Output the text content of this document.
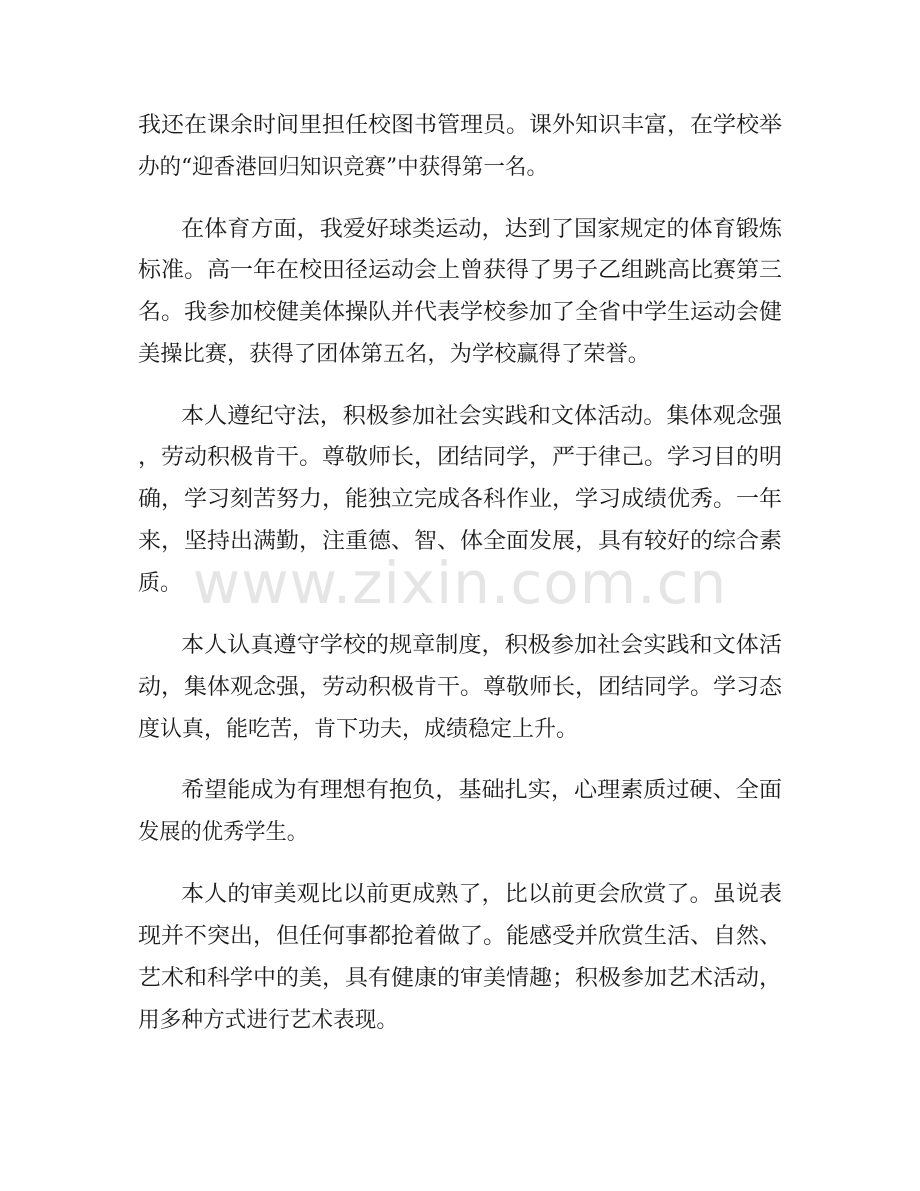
我还在课余时间里担任校图书管理员。课外知识丰富，在学校举
办的“迎香港回归知识竞赛”中获得第一名。
在体育方面，我爱好球类运动，达到了国家规定的体育锻炼
标准。高一年在校田径运动会上曾获得了男子乙组跳高比赛第三
名。我参加校健美体操队并代表学校参加了全省中学生运动会健
美操比赛，获得了团体第五名，为学校赢得了荣誉。
本人遵纪守法，积极参加社会实践和文体活动。集体观念强
，劳动积极肯干。尊敬师长，团结同学，严于律己。学习目的明
确，学习刻苦努力，能独立完成各科作业，学习成绩优秀。一年
来，坚持出满勤，注重德、智、体全面发展，具有较好的综合素
质。
本人认真遵守学校的规章制度，积极参加社会实践和文体活
动，集体观念强，劳动积极肯干。尊敬师长，团结同学。学习态
度认真，能吃苦，肯下功夫，成绩稳定上升。
希望能成为有理想有抱负，基础扎实，心理素质过硬、全面
发展的优秀学生。
本人的审美观比以前更成熟了，比以前更会欣赏了。虽说表
现并不突出，但任何事都抢着做了。能感受并欣赏生活、自然、
艺术和科学中的美，具有健康的审美情趣；积极参加艺术活动，
用多种方式进行艺术表现。
www.zixin.com.cn
